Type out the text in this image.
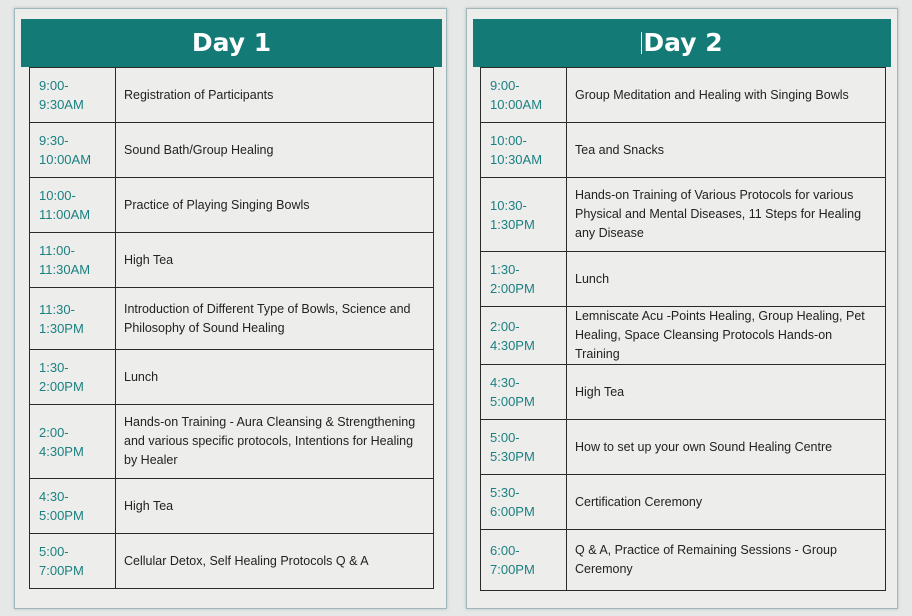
Day 1
9:00-
9:30AM	Registration of Participants

9:30-
10:00AM	Sound Bath/Group Healing

10:00-
11:00AM	Practice of Playing Singing Bowls

11:00-
11:30AM	High Tea

11:30-
1:30PM	Introduction of Different Type of Bowls, Science and Philosophy of Sound Healing

1:30-
2:00PM	Lunch

2:00-
4:30PM	Hands-on Training - Aura Cleansing & Strengthening and various specific protocols, Intentions for Healing by Healer

4:30-
5:00PM	High Tea

5:00-
7:00PM	Cellular Detox, Self Healing Protocols Q & A
Day 2
9:00-
10:00AM	Group Meditation and Healing with Singing Bowls

10:00-
10:30AM	Tea and Snacks

10:30-
1:30PM	Hands-on Training of Various Protocols for various Physical and Mental Diseases, 11 Steps for Healing any Disease

1:30-
2:00PM	Lunch

2:00-
4:30PM	Lemniscate Acu -Points Healing, Group Healing, Pet Healing, Space Cleansing Protocols Hands-on Training

4:30-
5:00PM	High Tea

5:00-
5:30PM	How to set up your own Sound Healing Centre

5:30-
6:00PM	Certification Ceremony

6:00-
7:00PM	Q & A, Practice of Remaining Sessions - Group Ceremony
